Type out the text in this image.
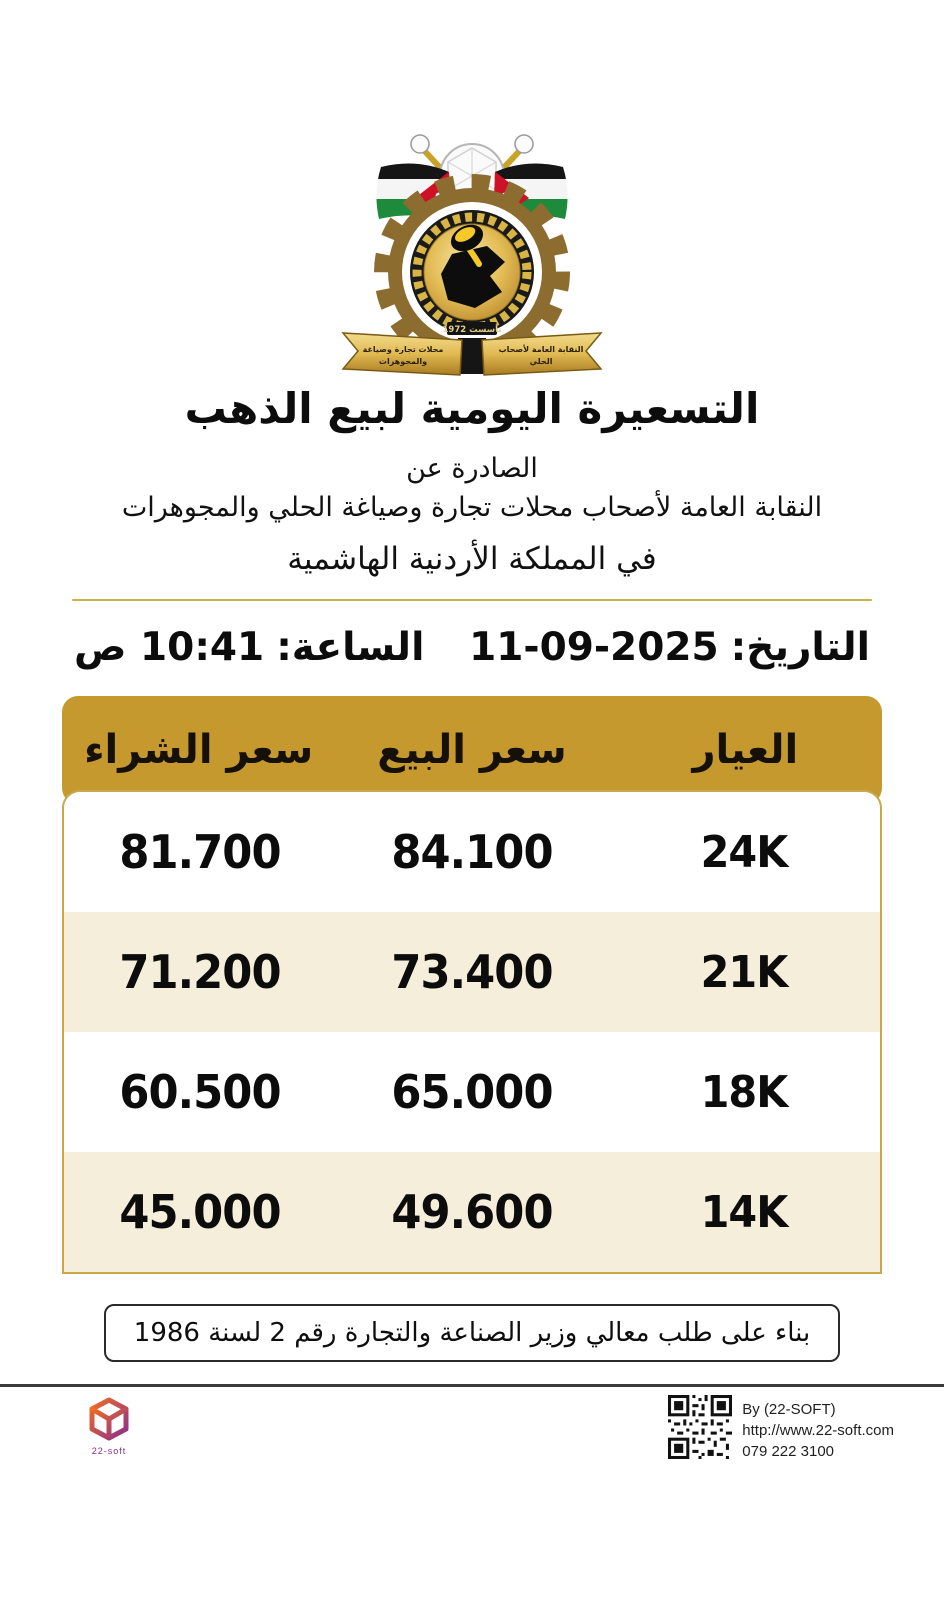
تأسست 1972
النقابة العامة لأصحاب
الحلي
محلات تجارة وصياغة
والمجوهرات
التسعيرة اليومية لبيع الذهب
الصادرة عن
النقابة العامة لأصحاب محلات تجارة وصياغة الحلي والمجوهرات
في المملكة الأردنية الهاشمية
التاريخ:
11-09-2025
الساعة:
10:41 ص
العيار
سعر البيع
سعر الشراء
24K
84.100
81.700
21K
73.400
71.200
18K
65.000
60.500
14K
49.600
45.000
بناء على طلب معالي وزير الصناعة والتجارة رقم 2 لسنة 1986
22-soft
By (22-SOFT)
http://www.22-soft.com
079 222 3100
